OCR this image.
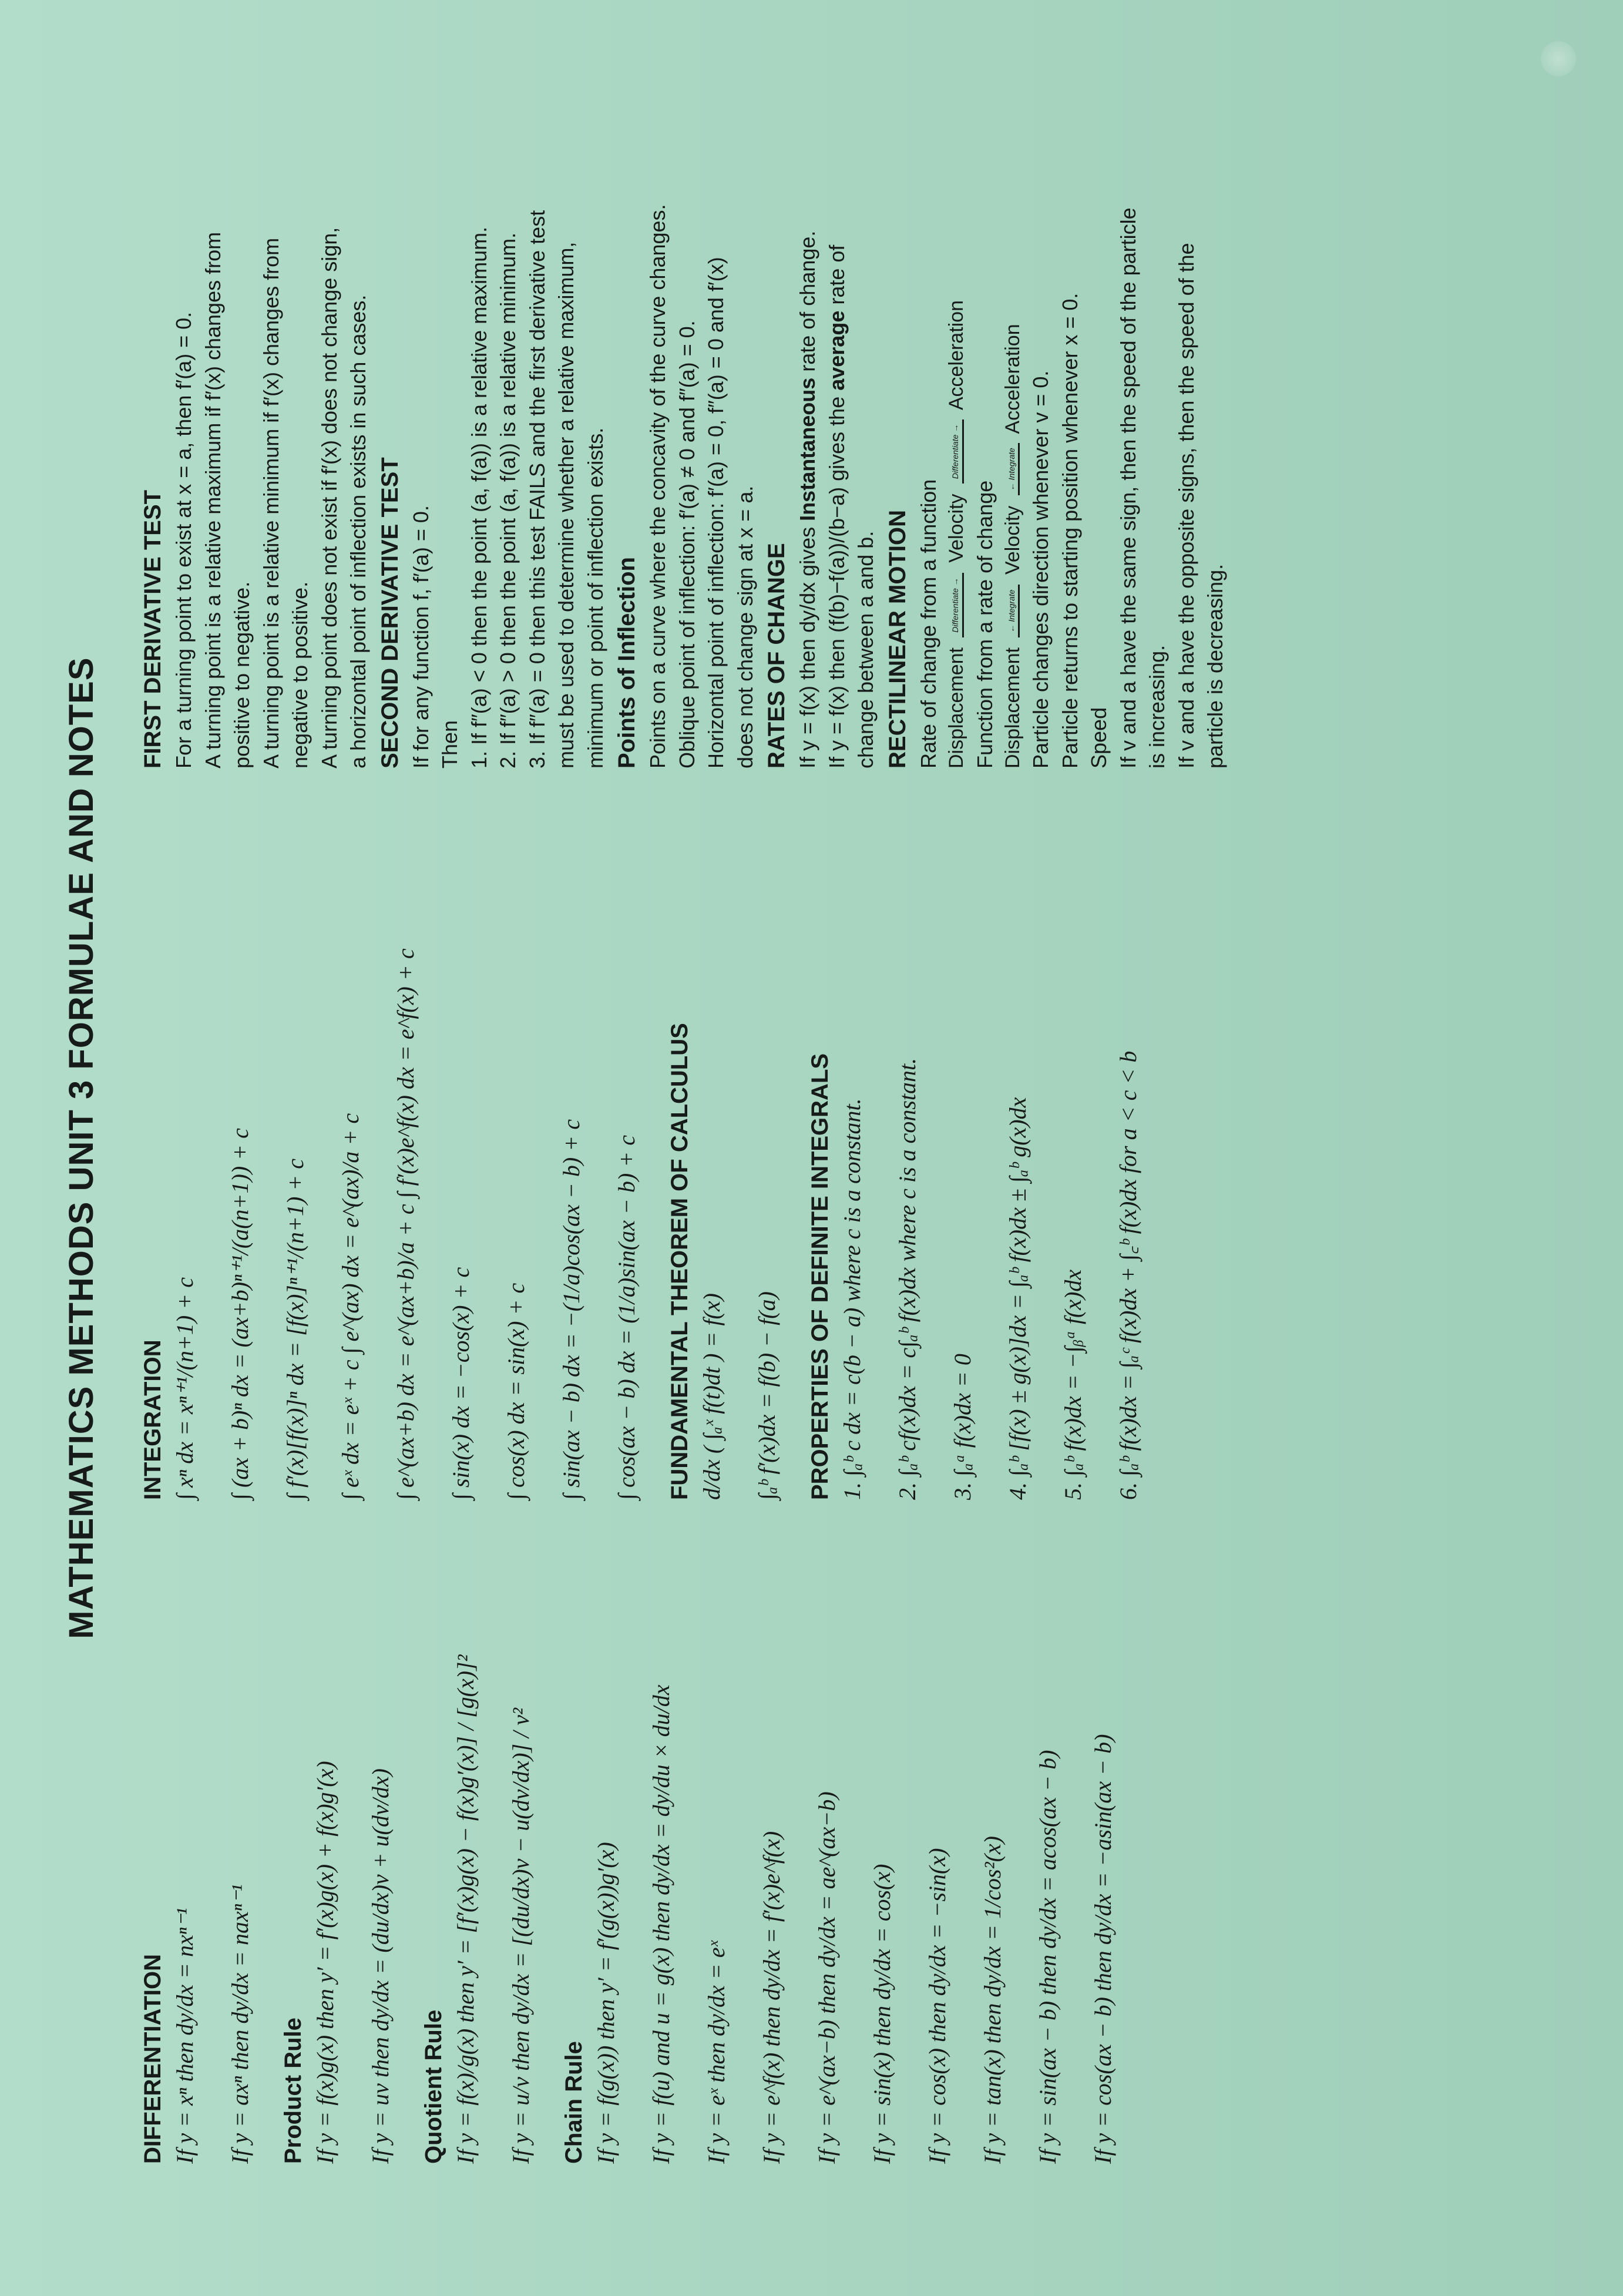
MATHEMATICS METHODS UNIT 3 FORMULAE AND NOTES
DIFFERENTIATION If y = xⁿ then dy/dx = nxⁿ⁻¹ If y = axⁿ then dy/dx = naxⁿ⁻¹ Product Rule If y = f(x)g(x) then y′ = f′(x)g(x) + f(x)g′(x) If y = uv then dy/dx = (du/dx)v + u(dv/dx) Quotient Rule If y = f(x)/g(x) then y′ = [f′(x)g(x) − f(x)g′(x)] / [g(x)]² If y = u/v then dy/dx = [(du/dx)v − u(dv/dx)] / v² Chain Rule If y = f(g(x)) then y′ = f′(g(x))g′(x) If y = f(u) and u = g(x) then dy/dx = dy/du × du/dx If y = eˣ then dy/dx = eˣ If y = e^f(x) then dy/dx = f′(x)e^f(x) If y = e^(ax−b) then dy/dx = ae^(ax−b) If y = sin(x) then dy/dx = cos(x) If y = cos(x) then dy/dx = −sin(x) If y = tan(x) then dy/dx = 1/cos²(x) If y = sin(ax − b) then dy/dx = acos(ax − b) If y = cos(ax − b) then dy/dx = −asin(ax − b)
INTEGRATION ∫ xⁿ dx = xⁿ⁺¹/(n+1) + c ∫ (ax + b)ⁿ dx = (ax+b)ⁿ⁺¹/(a(n+1)) + c ∫ f′(x)[f(x)]ⁿ dx = [f(x)]ⁿ⁺¹/(n+1) + c ∫ eˣ dx = eˣ + c ∫ e^(ax) dx = e^(ax)/a + c ∫ e^(ax+b) dx = e^(ax+b)/a + c ∫ f′(x)e^f(x) dx = e^f(x) + c ∫ sin(x) dx = −cos(x) + c ∫ cos(x) dx = sin(x) + c ∫ sin(ax − b) dx = −(1/a)cos(ax − b) + c ∫ cos(ax − b) dx = (1/a)sin(ax − b) + c FUNDAMENTAL THEOREM OF CALCULUS d/dx ( ∫ₐˣ f(t)dt ) = f(x) ∫ₐᵇ f′(x)dx = f(b) − f(a) PROPERTIES OF DEFINITE INTEGRALS 1. ∫ₐᵇ c dx = c(b − a) where c is a constant. 2. ∫ₐᵇ cf(x)dx = c∫ₐᵇ f(x)dx where c is a constant. 3. ∫ₐᵃ f(x)dx = 0 4. ∫ₐᵇ [f(x) ± g(x)]dx = ∫ₐᵇ f(x)dx ± ∫ₐᵇ g(x)dx 5. ∫ₐᵇ f(x)dx = −∫ᵦᵃ f(x)dx 6. ∫ₐᵇ f(x)dx = ∫ₐᶜ f(x)dx + ∫꜀ᵇ f(x)dx for a < c < b
FIRST DERIVATIVE TEST For a turning point to exist at x = a, then f′(a) = 0. A turning point is a relative maximum if f′(x) changes from positive to negative. A turning point is a relative minimum if f′(x) changes from negative to positive. A turning point does not exist if f′(x) does not change sign, a horizontal point of inflection exists in such cases. SECOND DERIVATIVE TEST If for any function f, f′(a) = 0. Then 1. If f″(a) < 0 then the point (a, f(a)) is a relative maximum. 2. If f″(a) > 0 then the point (a, f(a)) is a relative minimum. 3. If f″(a) = 0 then this test FAILS and the first derivative test must be used to determine whether a relative maximum, minimum or point of inflection exists. Points of Inflection Points on a curve where the concavity of the curve changes. Oblique point of inflection: f′(a) ≠ 0 and f″(a) = 0. Horizontal point of inflection: f′(a) = 0, f″(a) = 0 and f′(x) does not change sign at x = a. RATES OF CHANGE If y = f(x) then dy/dx gives Instantaneous rate of change.
If y = f(x) then (f(b)−f(a))/(b−a) gives the average rate of
change between a and b. RECTILINEAR MOTION Rate of change from a function Displacement Differentiate → Velocity Differentiate → Acceleration
Function from a rate of change Displacement ← Integrate Velocity ← Integrate Acceleration Particle changes direction whenever v = 0. Particle returns to starting position whenever x = 0. Speed If v and a have the same sign, then the speed of the particle is increasing. If v and a have the opposite signs, then the speed of the particle is decreasing.
